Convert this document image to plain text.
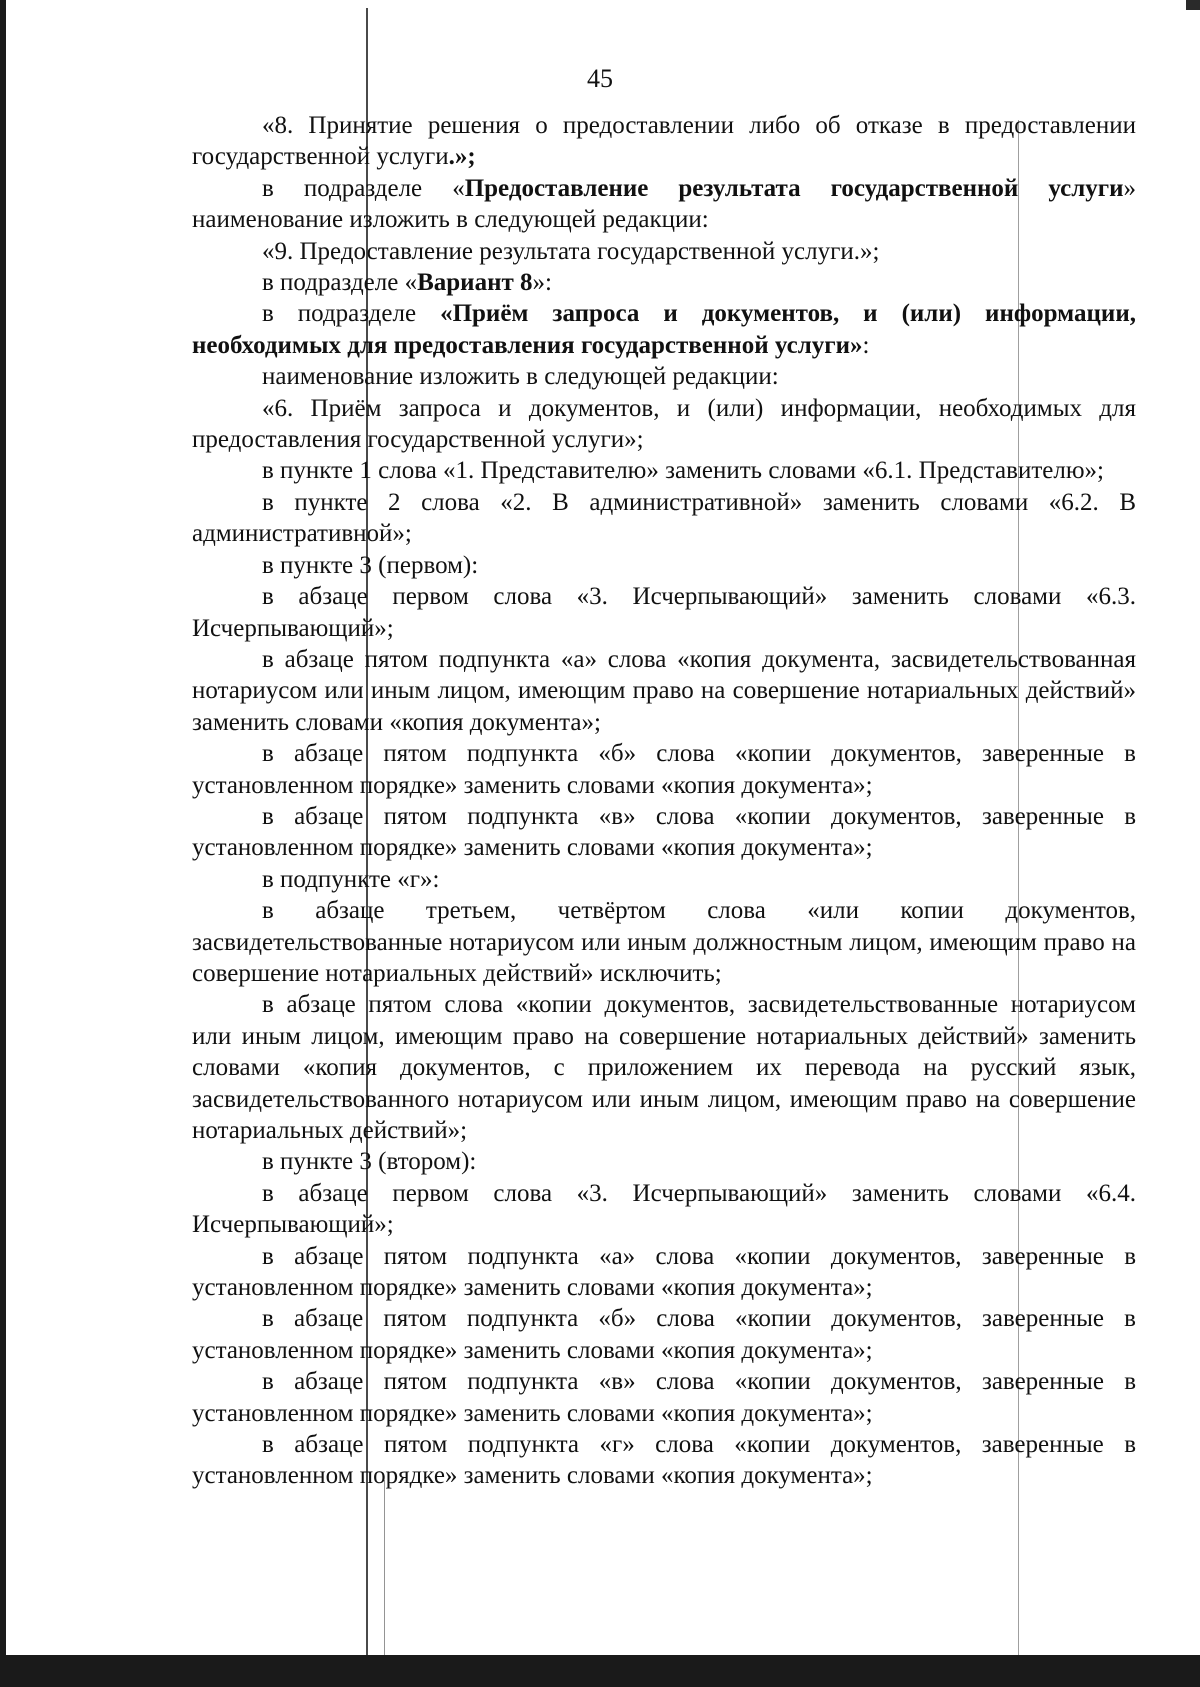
45

«8. Принятие решения о предоставлении либо об отказе в предоставлении государственной услуги.»;

в подразделе «Предоставление результата государственной услуги» наименование изложить в следующей редакции:

«9. Предоставление результата государственной услуги.»;

в подразделе «Вариант 8»:

в подразделе «Приём запроса и документов, и (или) информации, необходимых для предоставления государственной услуги»:

наименование изложить в следующей редакции:

«6. Приём запроса и документов, и (или) информации, необходимых для предоставления государственной услуги»;

в пункте 1 слова «1. Представителю» заменить словами «6.1. Представителю»;

в пункте 2 слова «2. В административной» заменить словами «6.2. В административной»;

в пункте 3 (первом):

в абзаце первом слова «3. Исчерпывающий» заменить словами «6.3. Исчерпывающий»;

в абзаце пятом подпункта «а» слова «копия документа, засвидетельствованная нотариусом или иным лицом, имеющим право на совершение нотариальных действий» заменить словами «копия документа»;

в абзаце пятом подпункта «б» слова «копии документов, заверенные в установленном порядке» заменить словами «копия документа»;

в абзаце пятом подпункта «в» слова «копии документов, заверенные в установленном порядке» заменить словами «копия документа»;

в подпункте «г»:

в абзаце третьем, четвёртом слова «или копии документов, засвидетельствованные нотариусом или иным должностным лицом, имеющим право на совершение нотариальных действий» исключить;

в абзаце пятом слова «копии документов, засвидетельствованные нотариусом или иным лицом, имеющим право на совершение нотариальных действий» заменить словами «копия документов, с приложением их перевода на русский язык, засвидетельствованного нотариусом или иным лицом, имеющим право на совершение нотариальных действий»;

в пункте 3 (втором):

в абзаце первом слова «3. Исчерпывающий» заменить словами «6.4. Исчерпывающий»;

в абзаце пятом подпункта «а» слова «копии документов, заверенные в установленном порядке» заменить словами «копия документа»;

в абзаце пятом подпункта «б» слова «копии документов, заверенные в установленном порядке» заменить словами «копия документа»;

в абзаце пятом подпункта «в» слова «копии документов, заверенные в установленном порядке» заменить словами «копия документа»;

в абзаце пятом подпункта «г» слова «копии документов, заверенные в установленном порядке» заменить словами «копия документа»;
